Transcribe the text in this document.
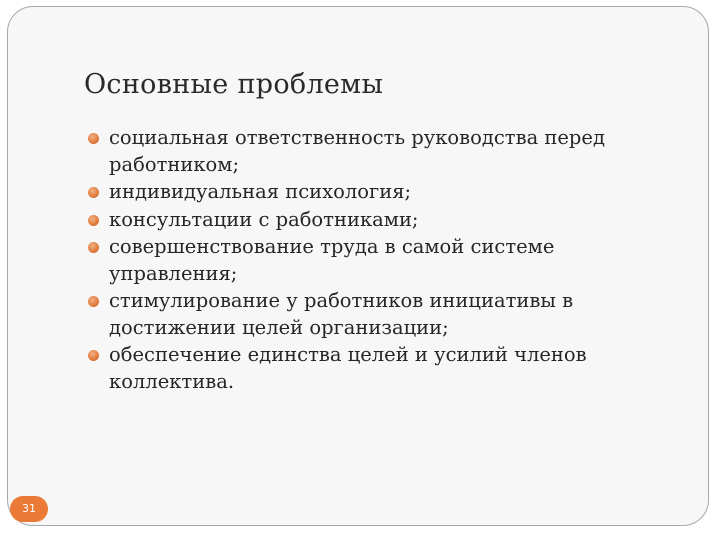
Основные проблемы
социальная ответственность руководства перед работником;
индивидуальная психология;
консультации с работниками;
совершенствование труда в самой системе управления;
стимулирование у работников инициативы в достижении целей организации;
обеспечение единства целей и усилий членов коллектива.
31
